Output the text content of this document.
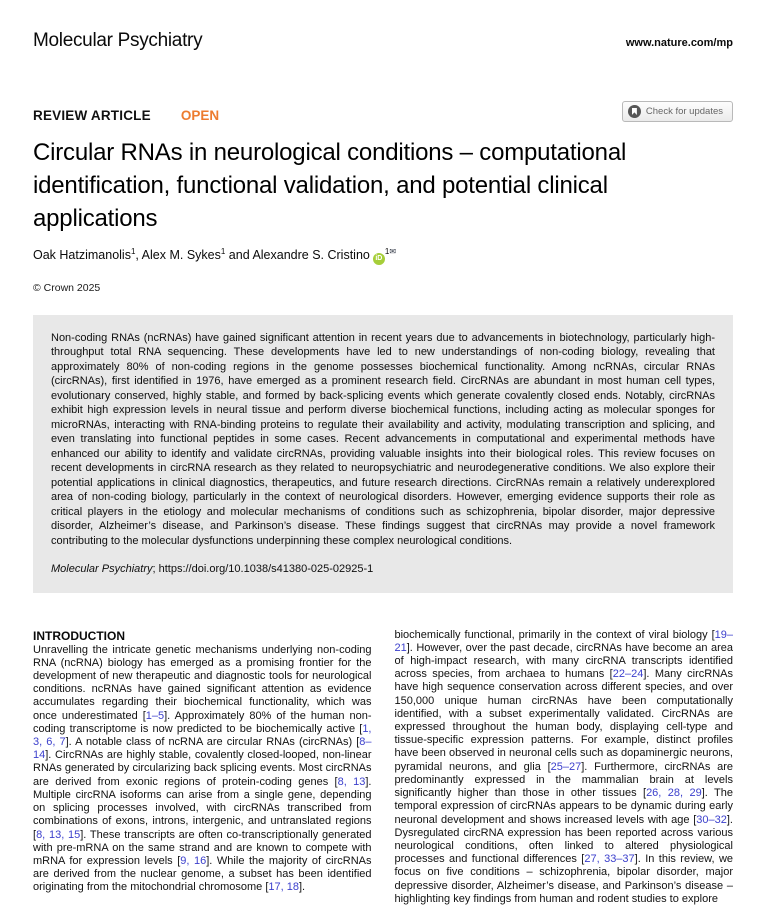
Molecular Psychiatry	www.nature.com/mp
REVIEW ARTICLE OPEN	Check for updates
Circular RNAs in neurological conditions – computational identification, functional validation, and potential clinical applications
Oak Hatzimanolis$^1$, Alex M. Sykes$^1$ and Alexandre S. Cristino $iD^{1✉}$
© Crown 2025

Non-coding RNAs (ncRNAs) have gained significant attention in recent years due to advancements in biotechnology, particularly high-throughput total RNA sequencing. These developments have led to new understandings of non-coding biology, revealing that approximately 80% of non-coding regions in the genome possesses biochemical functionality. Among ncRNAs, circular RNAs (circRNAs), first identified in 1976, have emerged as a prominent research field. CircRNAs are abundant in most human cell types, evolutionary conserved, highly stable, and formed by back-splicing events which generate covalently closed ends. Notably, circRNAs exhibit high expression levels in neural tissue and perform diverse biochemical functions, including acting as molecular sponges for microRNAs, interacting with RNA-binding proteins to regulate their availability and activity, modulating transcription and splicing, and even translating into functional peptides in some cases. Recent advancements in computational and experimental methods have enhanced our ability to identify and validate circRNAs, providing valuable insights into their biological roles. This review focuses on recent developments in circRNA research as they related to neuropsychiatric and neurodegenerative conditions. We also explore their potential applications in clinical diagnostics, therapeutics, and future research directions. CircRNAs remain a relatively underexplored area of non-coding biology, particularly in the context of neurological disorders. However, emerging evidence supports their role as critical players in the etiology and molecular mechanisms of conditions such as schizophrenia, bipolar disorder, major depressive disorder, Alzheimer’s disease, and Parkinson’s disease. These findings suggest that circRNAs may provide a novel framework contributing to the molecular dysfunctions underpinning these complex neurological conditions.

Molecular Psychiatry; https://doi.org/10.1038/s41380-025-02925-1

INTRODUCTION

Unravelling the intricate genetic mechanisms underlying non-coding RNA (ncRNA) biology has emerged as a promising frontier for the development of new therapeutic and diagnostic tools for neurological conditions. ncRNAs have gained significant attention as evidence accumulates regarding their biochemical functionality, which was once underestimated [1–5]. Approximately 80% of the human non-coding transcriptome is now predicted to be biochemically active [1, 3, 6, 7]. A notable class of ncRNA are circular RNAs (circRNAs) [8–14]. CircRNAs are highly stable, covalently closed-looped, non-linear RNAs generated by circularizing back splicing events. Most circRNAs are derived from exonic regions of protein-coding genes [8, 13]. Multiple circRNA isoforms can arise from a single gene, depending on splicing processes involved, with circRNAs transcribed from combinations of exons, introns, intergenic, and untranslated regions [8, 13, 15]. These transcripts are often co-transcriptionally generated with pre-mRNA on the same strand and are known to compete with mRNA for expression levels [9, 16]. While the majority of circRNAs are derived from the nuclear genome, a subset has been identified originating from the mitochondrial chromosome [17, 18].

biochemically functional, primarily in the context of viral biology [19–21]. However, over the past decade, circRNAs have become an area of high-impact research, with many circRNA transcripts identified across species, from archaea to humans [22–24]. Many circRNAs have high sequence conservation across different species, and over 150,000 unique human circRNAs have been computationally identified, with a subset experimentally validated. CircRNAs are expressed throughout the human body, displaying cell-type and tissue-specific expression patterns. For example, distinct profiles have been observed in neuronal cells such as dopaminergic neurons, pyramidal neurons, and glia [25–27]. Furthermore, circRNAs are predominantly expressed in the mammalian brain at levels significantly higher than those in other tissues [26, 28, 29]. The temporal expression of circRNAs appears to be dynamic during early neuronal development and shows increased levels with age [30–32]. Dysregulated circRNA expression has been reported across various neurological conditions, often linked to altered physiological processes and functional differences [27, 33–37]. In this review, we focus on five conditions – schizophrenia, bipolar disorder, major depressive disorder, Alzheimer’s disease, and Parkinson’s disease – highlighting key findings from human and rodent studies to explore
